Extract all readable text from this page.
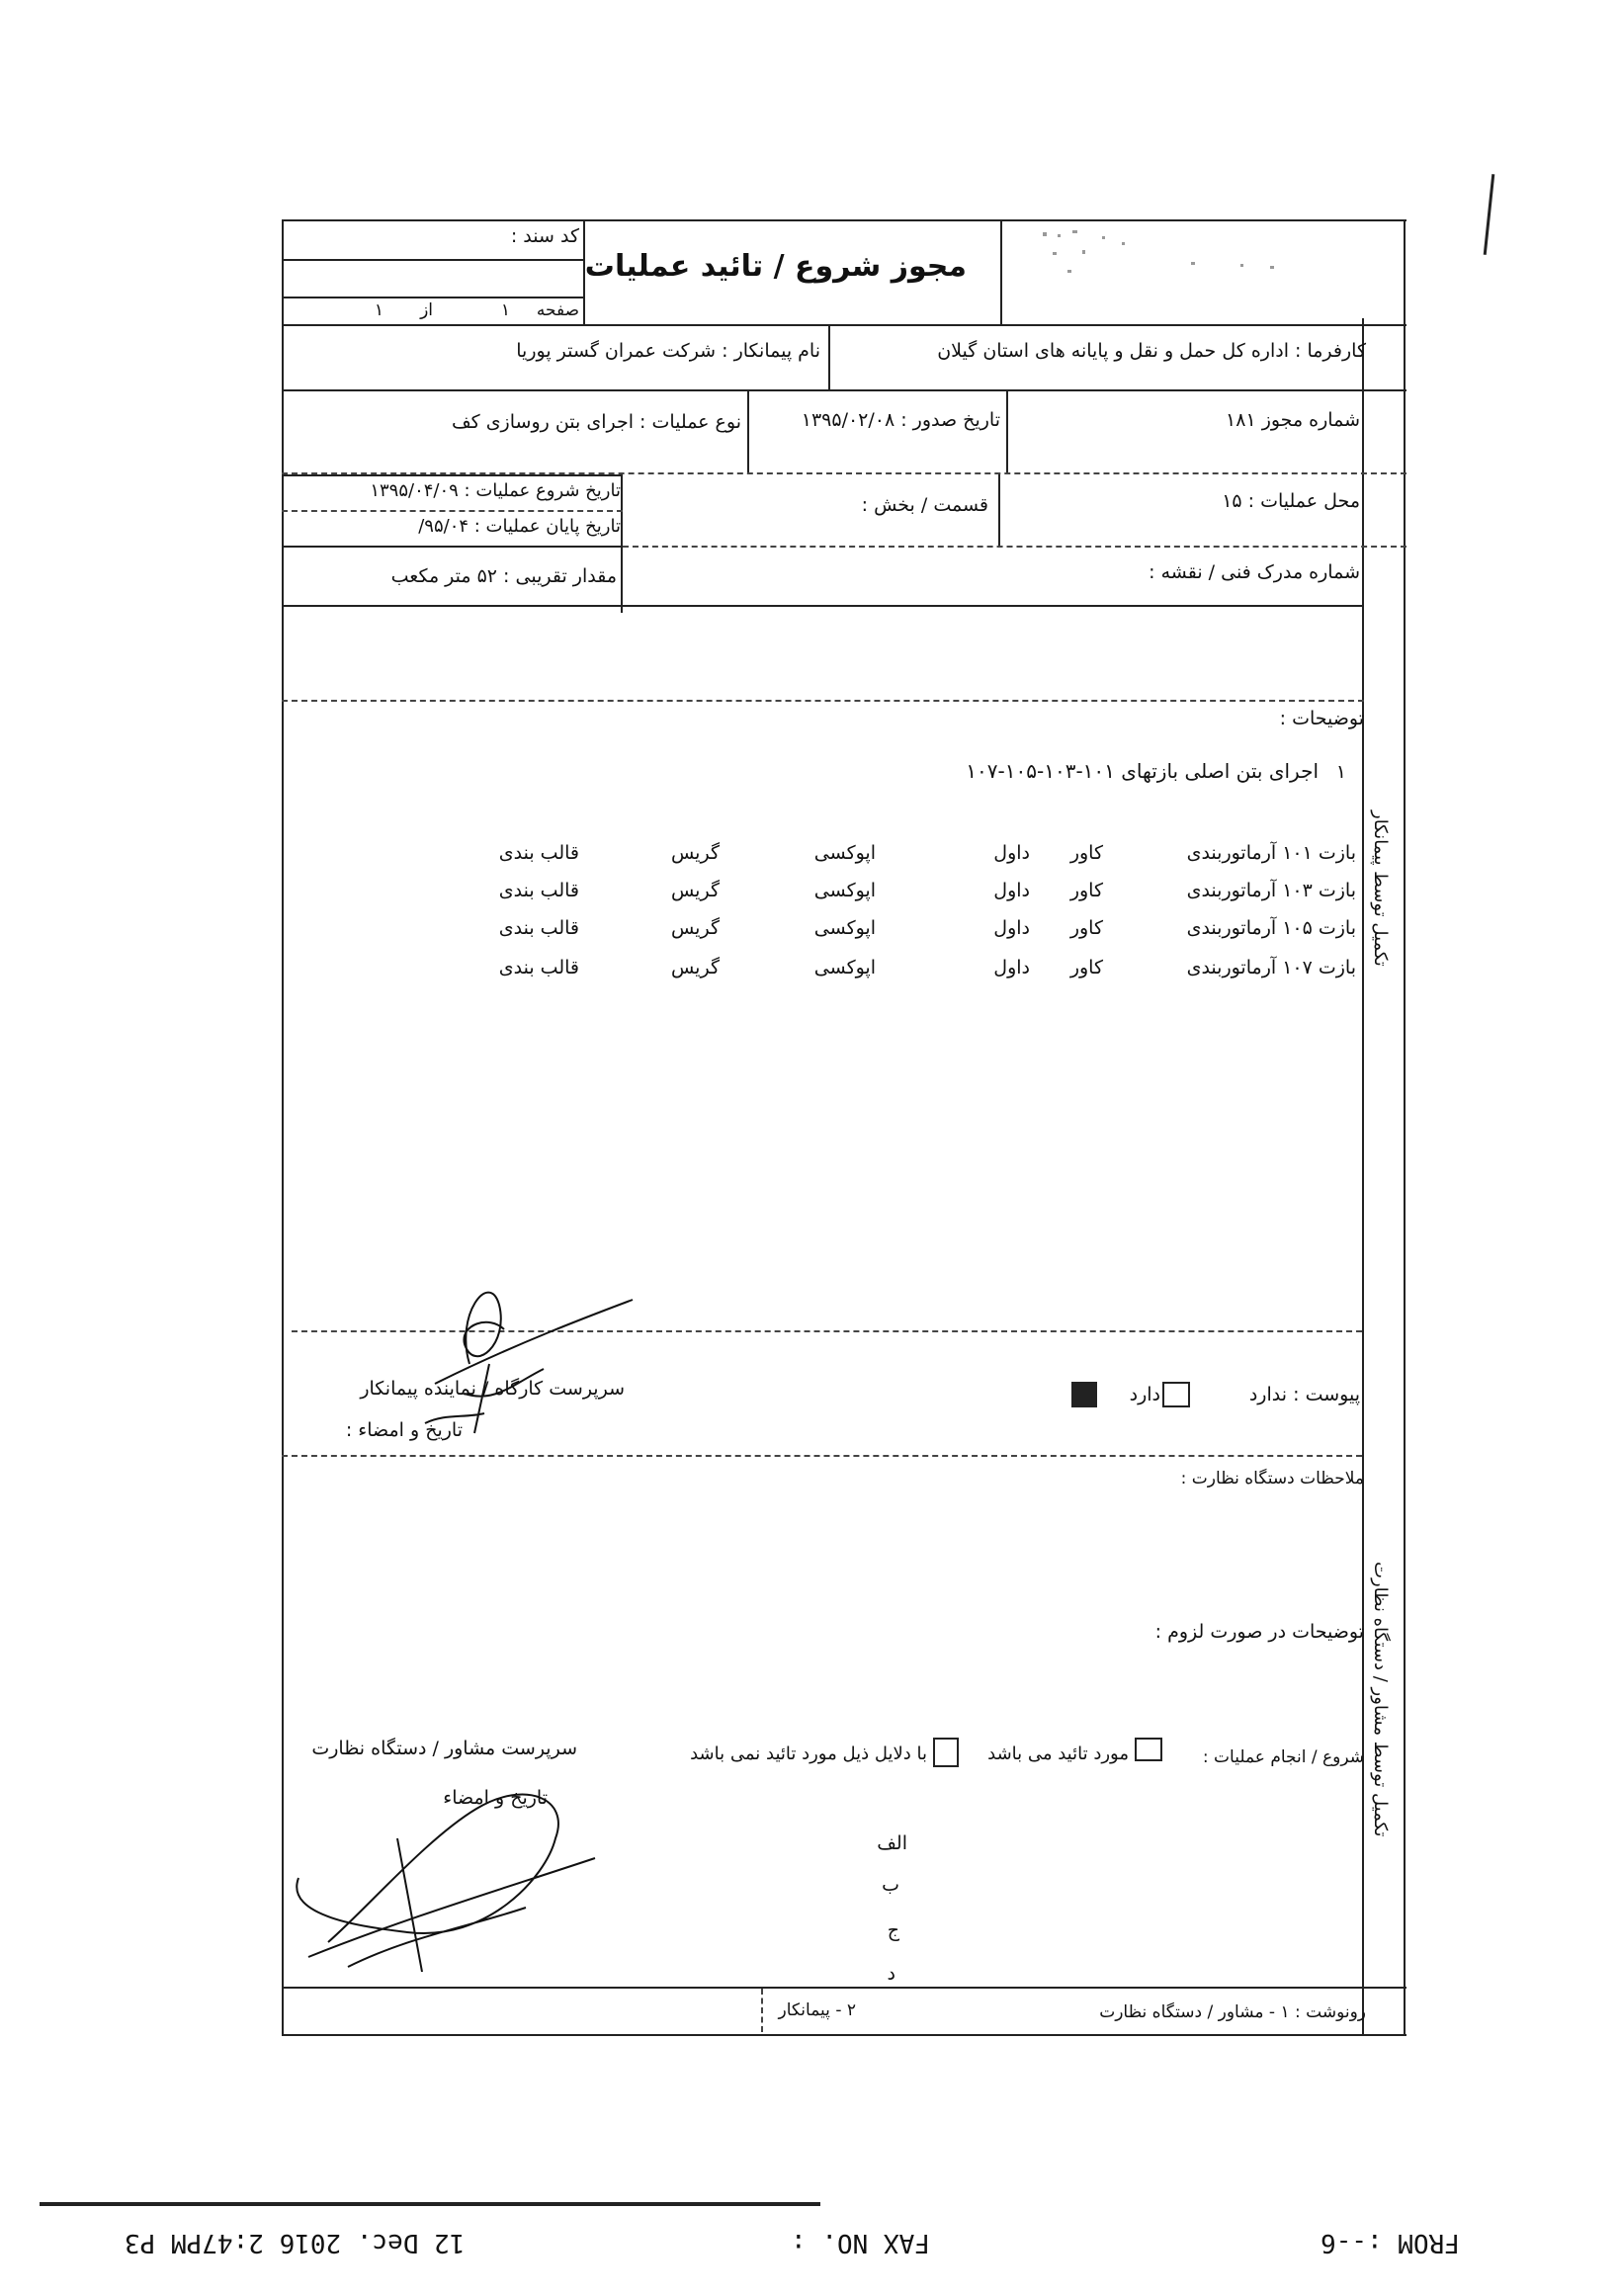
کد سند :
صفحه
۱
از
۱
مجوز شروع / تائید عملیات
کارفرما : اداره کل حمل و نقل و پایانه های استان گیلان
نام پیمانکار : شرکت عمران گستر پوریا
شماره مجوز ۱۸۱
تاریخ صدور : ۱۳۹۵/۰۲/۰۸
نوع عملیات : اجرای بتن روسازی کف
محل عملیات : ۱۵
قسمت / بخش :
تاریخ شروع عملیات : ۱۳۹۵/۰۴/۰۹
تاریخ پایان عملیات : ۹۵/۰۴/
شماره مدرک فنی / نقشه :
مقدار تقریبی : ۵۲ متر مکعب
توضیحات :
۱
اجرای بتن اصلی بازتهای ۱۰۱-۱۰۳-۱۰۵-۱۰۷
بازت ۱۰۱ آرماتوربندی
کاور
داول
اپوکسی
گریس
قالب بندی
بازت ۱۰۳ آرماتوربندی
کاور
داول
اپوکسی
گریس
قالب بندی
بازت ۱۰۵ آرماتوربندی
کاور
داول
اپوکسی
گریس
قالب بندی
بازت ۱۰۷ آرماتوربندی
کاور
داول
اپوکسی
گریس
قالب بندی
تکمیل توسط پیمانکار
تکمیل توسط مشاور / دستگاه نظارت
سرپرست کارگاه / نماینده پیمانکار
تاریخ و امضاء :
پیوست :
ندارد
دارد
ملاحظات دستگاه نظارت :
توضیحات در صورت لزوم :
شروع / انجام عملیات :
مورد تائید می باشد
با دلایل ذیل مورد تائید نمی باشد
سرپرست مشاور / دستگاه نظارت
تاریخ و امضاء
الف
ب
ج
د
رونوشت : ۱ - مشاور / دستگاه نظارت
۲ - پیمانکار
FROM :--6
FAX NO. :
12 Dec. 2016 2:47PM P3
